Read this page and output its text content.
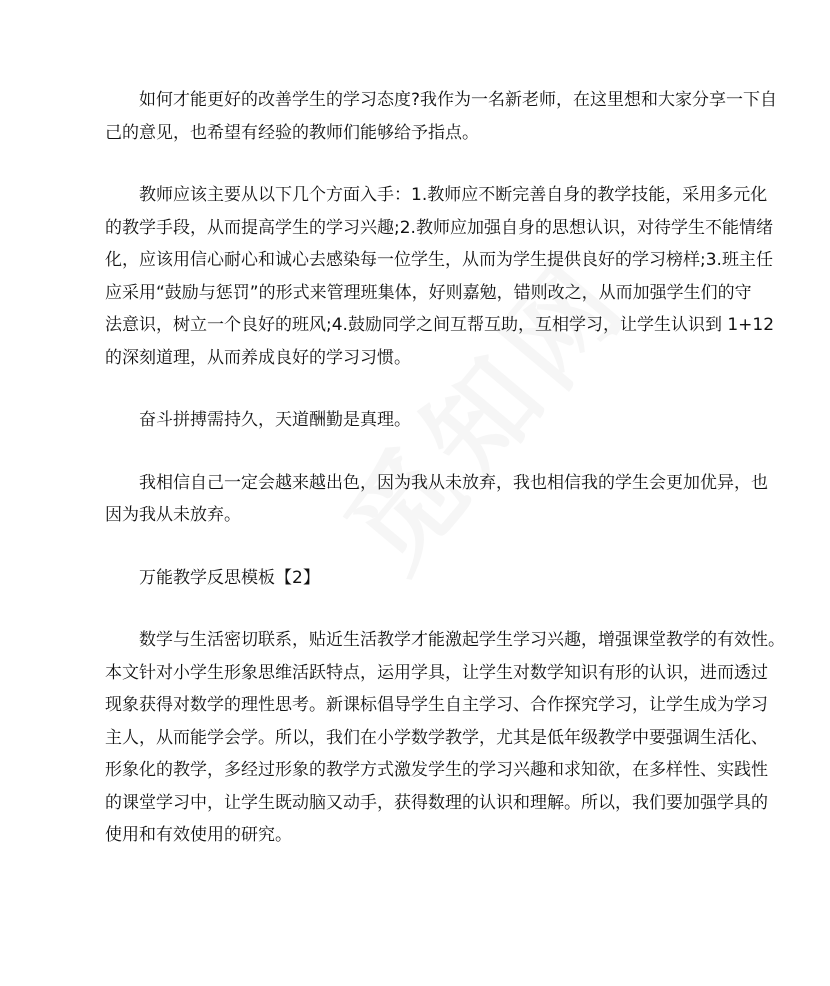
如何才能更好的改善学生的学习态度?我作为一名新老师，在这里想和大家分享一下自
己的意见，也希望有经验的教师们能够给予指点。
教师应该主要从以下几个方面入手：1.教师应不断完善自身的教学技能，采用多元化
的教学手段，从而提高学生的学习兴趣;2.教师应加强自身的思想认识，对待学生不能情绪
化，应该用信心耐心和诚心去感染每一位学生，从而为学生提供良好的学习榜样;3.班主任
应采用“鼓励与惩罚”的形式来管理班集体，好则嘉勉，错则改之，从而加强学生们的守
法意识，树立一个良好的班风;4.鼓励同学之间互帮互助，互相学习，让学生认识到 1+12
的深刻道理，从而养成良好的学习习惯。
奋斗拼搏需持久，天道酬勤是真理。
我相信自己一定会越来越出色，因为我从未放弃，我也相信我的学生会更加优异，也
因为我从未放弃。
万能教学反思模板【2】
数学与生活密切联系，贴近生活教学才能激起学生学习兴趣，增强课堂教学的有效性。
本文针对小学生形象思维活跃特点，运用学具，让学生对数学知识有形的认识，进而透过
现象获得对数学的理性思考。新课标倡导学生自主学习、合作探究学习，让学生成为学习
主人，从而能学会学。所以，我们在小学数学教学，尤其是低年级教学中要强调生活化、
形象化的教学，多经过形象的教学方式激发学生的学习兴趣和求知欲，在多样性、实践性
的课堂学习中，让学生既动脑又动手，获得数理的认识和理解。所以，我们要加强学具的
使用和有效使用的研究。
